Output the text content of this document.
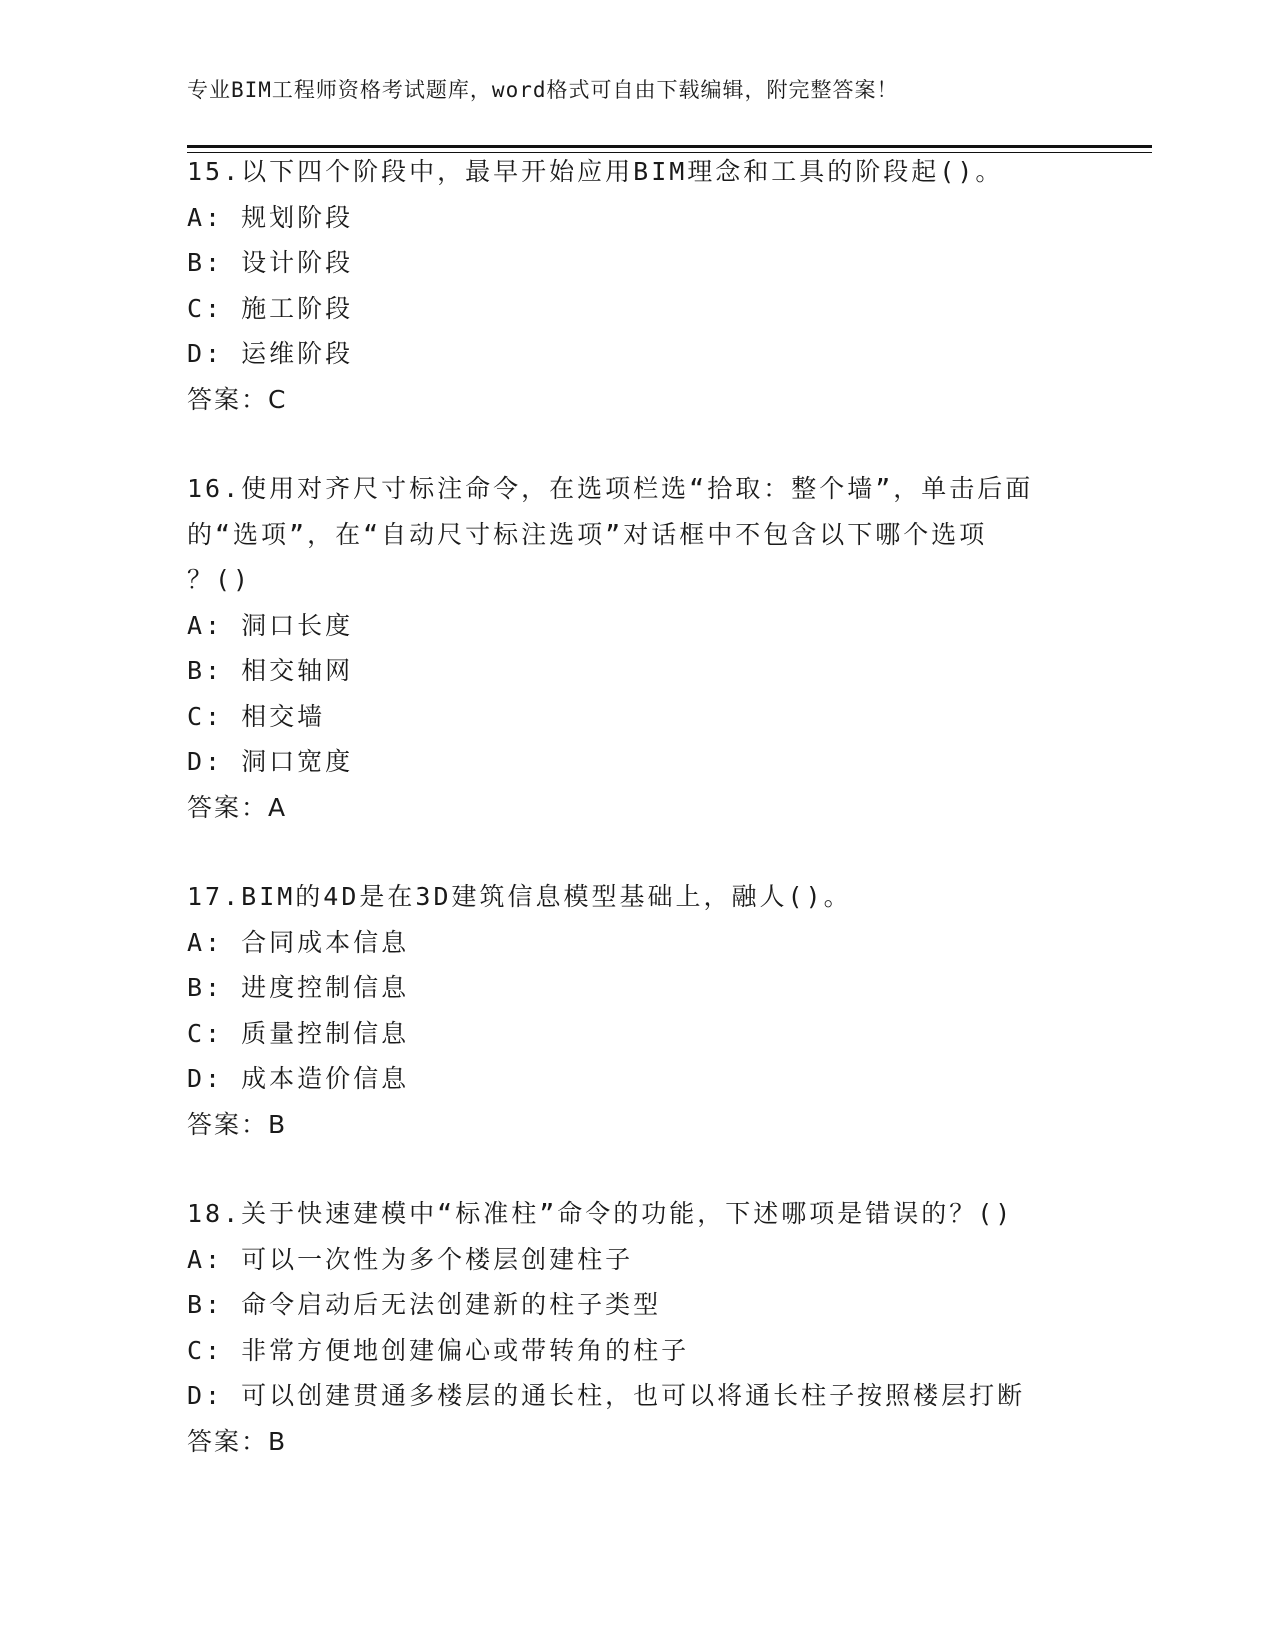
专业BIM工程师资格考试题库，word格式可自由下载编辑，附完整答案！
15.以下四个阶段中，最早开始应用BIM理念和工具的阶段起()。
A: 规划阶段
B: 设计阶段
C: 施工阶段
D: 运维阶段
答案：C
16.使用对齐尺寸标注命令，在选项栏选“拾取：整个墙”，单击后面
的“选项”，在“自动尺寸标注选项”对话框中不包含以下哪个选项
？()
A: 洞口长度
B: 相交轴网
C: 相交墙
D: 洞口宽度
答案：A
17.BIM的4D是在3D建筑信息模型基础上，融人()。
A: 合同成本信息
B: 进度控制信息
C: 质量控制信息
D: 成本造价信息
答案：B
18.关于快速建模中“标准柱”命令的功能，下述哪项是错误的？()
A: 可以一次性为多个楼层创建柱子
B: 命令启动后无法创建新的柱子类型
C: 非常方便地创建偏心或带转角的柱子
D: 可以创建贯通多楼层的通长柱，也可以将通长柱子按照楼层打断
答案：B
